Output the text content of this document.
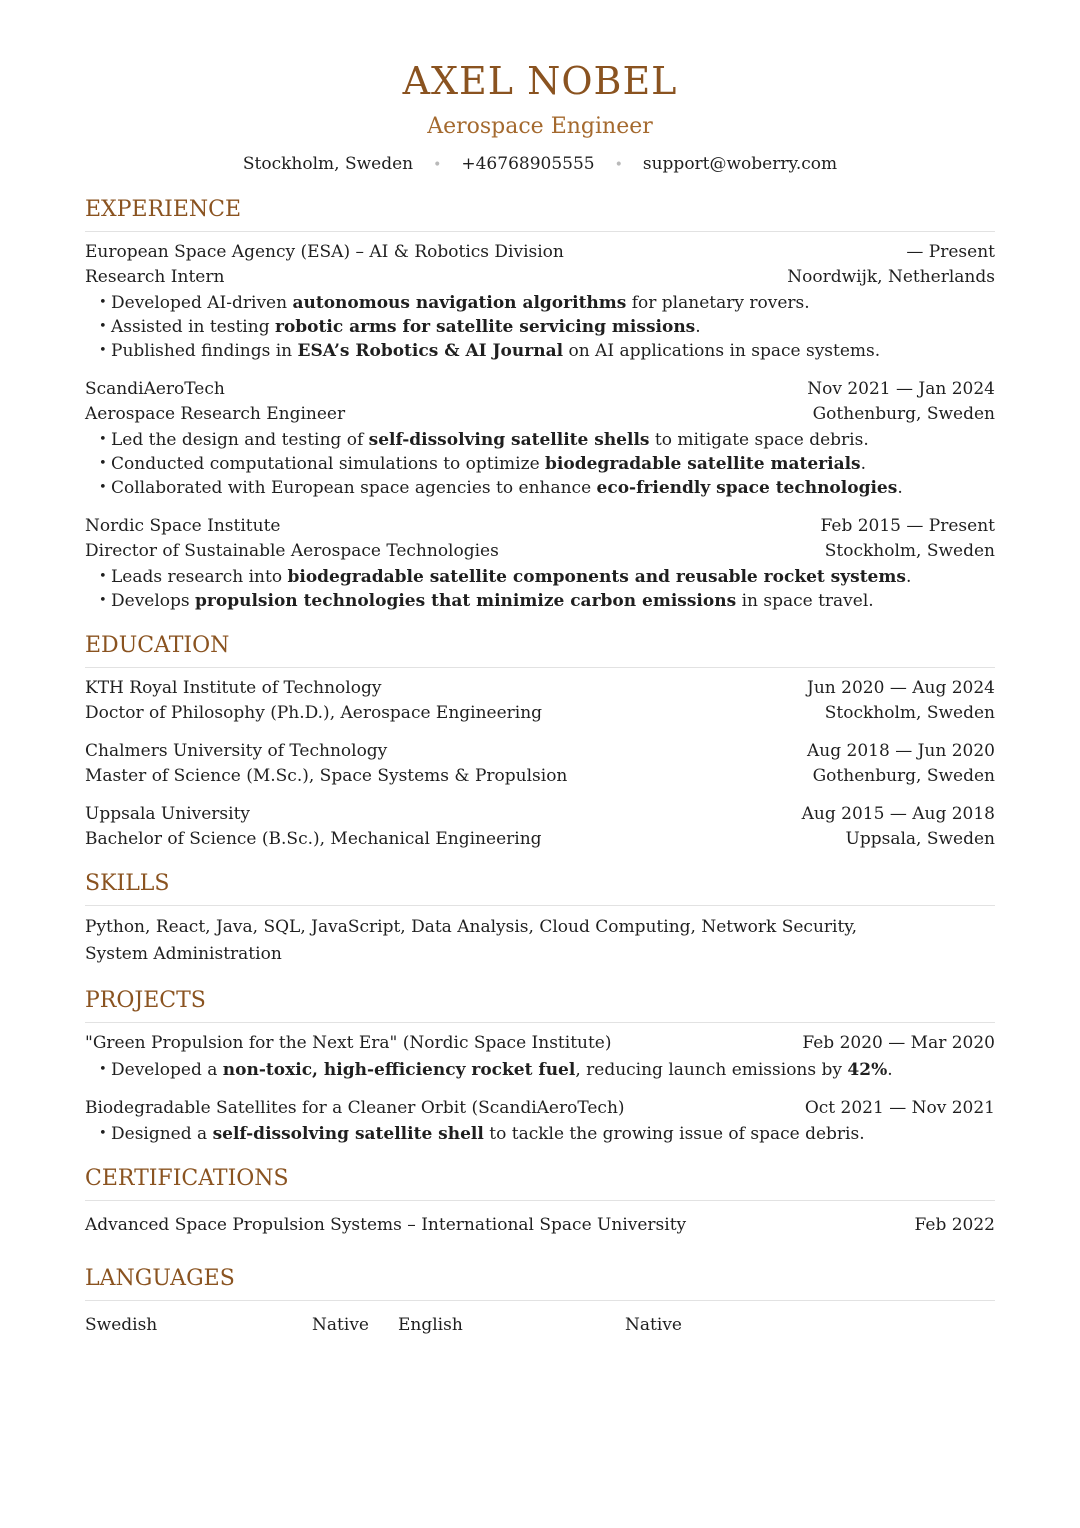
AXEL NOBEL
Aerospace Engineer
Stockholm, Sweden • +46768905555 • support@woberry.com
EXPERIENCE
European Space Agency (ESA) – AI & Robotics Division	— Present
Research Intern	Noordwijk, Netherlands
• Developed AI-driven autonomous navigation algorithms for planetary rovers.
• Assisted in testing robotic arms for satellite servicing missions.
• Published findings in ESA’s Robotics & AI Journal on AI applications in space systems.
ScandiAeroTech	Nov 2021 — Jan 2024
Aerospace Research Engineer	Gothenburg, Sweden
• Led the design and testing of self-dissolving satellite shells to mitigate space debris.
• Conducted computational simulations to optimize biodegradable satellite materials.
• Collaborated with European space agencies to enhance eco-friendly space technologies.
Nordic Space Institute	Feb 2015 — Present
Director of Sustainable Aerospace Technologies	Stockholm, Sweden
• Leads research into biodegradable satellite components and reusable rocket systems.
• Develops propulsion technologies that minimize carbon emissions in space travel.
EDUCATION
KTH Royal Institute of Technology	Jun 2020 — Aug 2024
Doctor of Philosophy (Ph.D.), Aerospace Engineering	Stockholm, Sweden
Chalmers University of Technology	Aug 2018 — Jun 2020
Master of Science (M.Sc.), Space Systems & Propulsion	Gothenburg, Sweden
Uppsala University	Aug 2015 — Aug 2018
Bachelor of Science (B.Sc.), Mechanical Engineering	Uppsala, Sweden
SKILLS
Python, React, Java, SQL, JavaScript, Data Analysis, Cloud Computing, Network Security, System Administration
PROJECTS
"Green Propulsion for the Next Era" (Nordic Space Institute)	Feb 2020 — Mar 2020
• Developed a non-toxic, high-efficiency rocket fuel, reducing launch emissions by 42%.
Biodegradable Satellites for a Cleaner Orbit (ScandiAeroTech)	Oct 2021 — Nov 2021
• Designed a self-dissolving satellite shell to tackle the growing issue of space debris.
CERTIFICATIONS
Advanced Space Propulsion Systems – International Space University	Feb 2022
LANGUAGES
Swedish	Native English	Native
